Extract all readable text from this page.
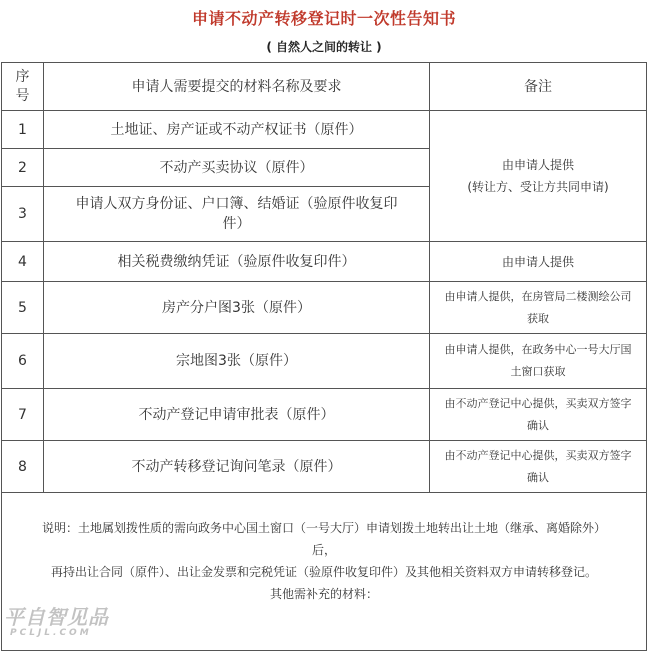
申请不动产转移登记时一次性告知书
( 自然人之间的转让 )
序
号	申请人需要提交的材料名称及要求	备注
1	土地证、房产证或不动产权证书（原件）	由申请人提供
(转让方、受让方共同申请)

2	不动产买卖协议（原件）	
3	申请人双方身份证、户口簿、结婚证（验原件收复印件）	
4	相关税费缴纳凭证（验原件收复印件）	由申请人提供
5	房产分户图3张（原件）	由申请人提供，在房管局二楼测绘公司获取
6	宗地图3张（原件）	由申请人提供，在政务中心一号大厅国土窗口获取
7	不动产登记申请审批表（原件）	由不动产登记中心提供，买卖双方签字确认
8	不动产转移登记询问笔录（原件）	由不动产登记中心提供，买卖双方签字确认

说明：土地属划拨性质的需向政务中心国土窗口（一号大厅）申请划拨土地转出让土地（继承、离婚除外）后，

再持出让合同（原件）、出让金发票和完税凭证（验原件收复印件）及其他相关资料双方申请转移登记。

其他需补充的材料：		

平自智见品
PCLJL.COM
